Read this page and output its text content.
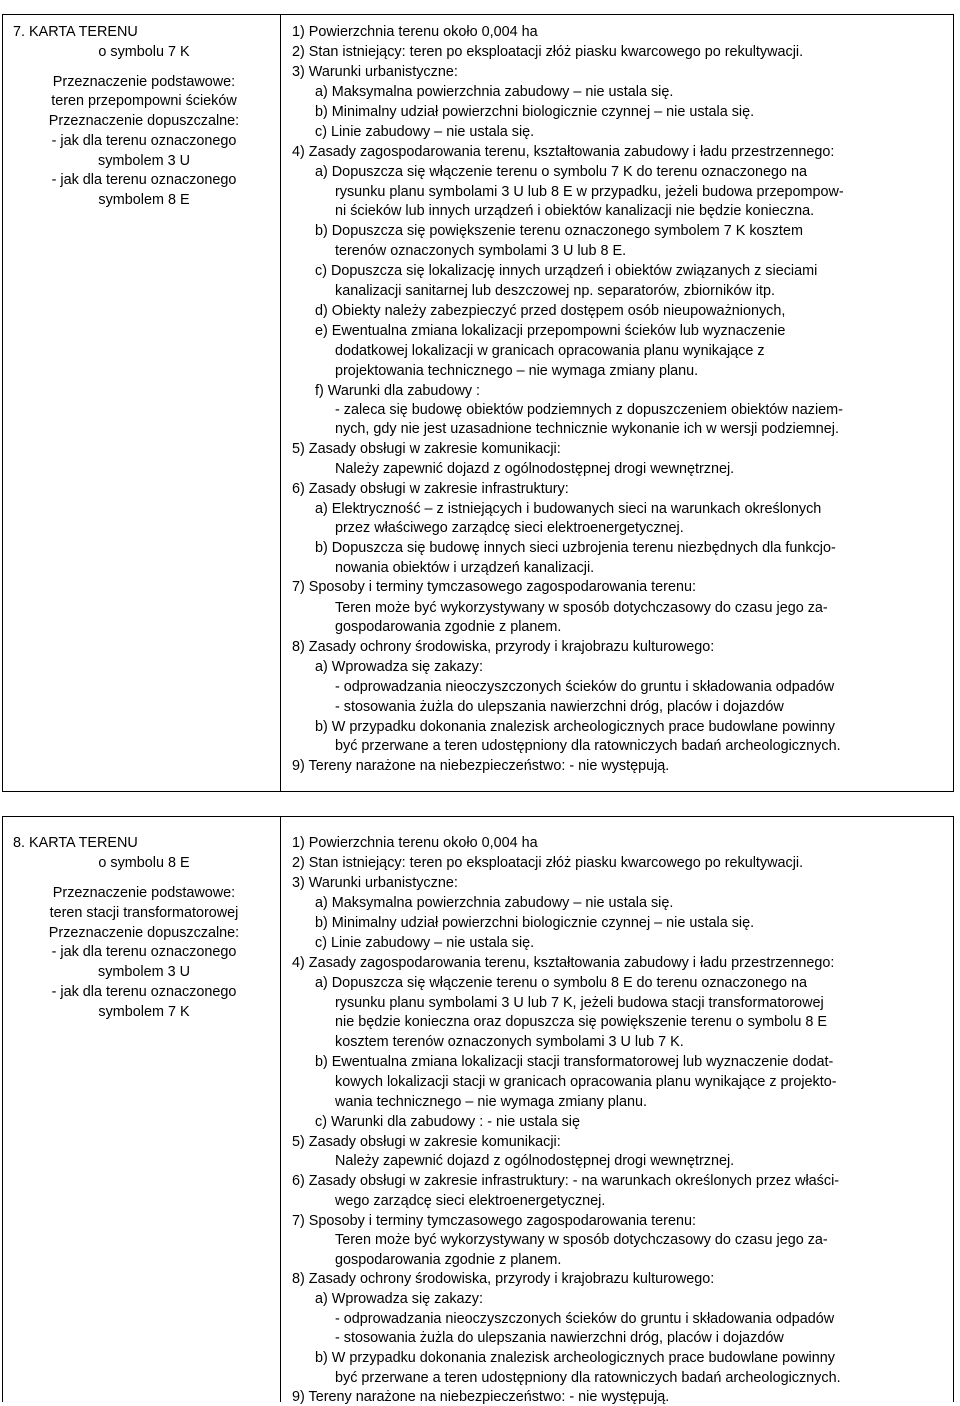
7. KARTA TERENU
o symbolu 7 K
Przeznaczenie podstawowe:
teren przepompowni ścieków
Przeznaczenie dopuszczalne:
- jak dla terenu oznaczonego
symbolem 3 U
- jak dla terenu oznaczonego
symbolem 8 E
1) Powierzchnia terenu około 0,004 ha
2) Stan istniejący: teren po eksploatacji złóż piasku kwarcowego po rekultywacji.
3) Warunki urbanistyczne:
a) Maksymalna powierzchnia zabudowy – nie ustala się.
b) Minimalny udział powierzchni biologicznie czynnej – nie ustala się.
c) Linie zabudowy – nie ustala się.
4) Zasady zagospodarowania terenu, kształtowania zabudowy i ładu przestrzennego:
a) Dopuszcza się włączenie terenu o symbolu 7 K do terenu oznaczonego na
rysunku planu symbolami 3 U lub 8 E w przypadku, jeżeli budowa przepompow-
ni ścieków lub innych urządzeń i obiektów kanalizacji nie będzie konieczna.
b) Dopuszcza się powiększenie terenu oznaczonego symbolem 7 K kosztem
terenów oznaczonych symbolami 3 U lub 8 E.
c) Dopuszcza się lokalizację innych urządzeń i obiektów związanych z sieciami
kanalizacji sanitarnej lub deszczowej np. separatorów, zbiorników itp.
d) Obiekty należy zabezpieczyć przed dostępem osób nieupoważnionych,
e) Ewentualna zmiana lokalizacji przepompowni ścieków lub wyznaczenie
dodatkowej lokalizacji w granicach opracowania planu wynikające z
projektowania technicznego – nie wymaga zmiany planu.
f) Warunki dla zabudowy :
- zaleca się budowę obiektów podziemnych z dopuszczeniem obiektów naziem-
nych, gdy nie jest uzasadnione technicznie wykonanie ich w wersji podziemnej.
5) Zasady obsługi w zakresie komunikacji:
Należy zapewnić dojazd z ogólnodostępnej drogi wewnętrznej.
6) Zasady obsługi w zakresie infrastruktury:
a) Elektryczność – z istniejących i budowanych sieci na warunkach określonych
przez właściwego zarządcę sieci elektroenergetycznej.
b) Dopuszcza się budowę innych sieci uzbrojenia terenu niezbędnych dla funkcjo-
nowania obiektów i urządzeń kanalizacji.
7) Sposoby i terminy tymczasowego zagospodarowania terenu:
Teren może być wykorzystywany w sposób dotychczasowy do czasu jego za-
gospodarowania zgodnie z planem.
8) Zasady ochrony środowiska, przyrody i krajobrazu kulturowego:
a) Wprowadza się zakazy:
- odprowadzania nieoczyszczonych ścieków do gruntu i składowania odpadów
- stosowania żużla do ulepszania nawierzchni dróg, placów i dojazdów
b) W przypadku dokonania znalezisk archeologicznych prace budowlane powinny
być przerwane a teren udostępniony dla ratowniczych badań archeologicznych.
9) Tereny narażone na niebezpieczeństwo: - nie występują.
8. KARTA TERENU
o symbolu 8 E
Przeznaczenie podstawowe:
teren stacji transformatorowej
Przeznaczenie dopuszczalne:
- jak dla terenu oznaczonego
symbolem 3 U
- jak dla terenu oznaczonego
symbolem 7 K
1) Powierzchnia terenu około 0,004 ha
2) Stan istniejący: teren po eksploatacji złóż piasku kwarcowego po rekultywacji.
3) Warunki urbanistyczne:
a) Maksymalna powierzchnia zabudowy – nie ustala się.
b) Minimalny udział powierzchni biologicznie czynnej – nie ustala się.
c) Linie zabudowy – nie ustala się.
4) Zasady zagospodarowania terenu, kształtowania zabudowy i ładu przestrzennego:
a) Dopuszcza się włączenie terenu o symbolu 8 E do terenu oznaczonego na
rysunku planu symbolami 3 U lub 7 K, jeżeli budowa stacji transformatorowej
nie będzie konieczna oraz dopuszcza się powiększenie terenu o symbolu 8 E
kosztem terenów oznaczonych symbolami 3 U lub 7 K.
b) Ewentualna zmiana lokalizacji stacji transformatorowej lub wyznaczenie dodat-
kowych lokalizacji stacji w granicach opracowania planu wynikające z projekto-
wania technicznego – nie wymaga zmiany planu.
c) Warunki dla zabudowy : - nie ustala się
5) Zasady obsługi w zakresie komunikacji:
Należy zapewnić dojazd z ogólnodostępnej drogi wewnętrznej.
6) Zasady obsługi w zakresie infrastruktury: - na warunkach określonych przez właści-
wego zarządcę sieci elektroenergetycznej.
7) Sposoby i terminy tymczasowego zagospodarowania terenu:
Teren może być wykorzystywany w sposób dotychczasowy do czasu jego za-
gospodarowania zgodnie z planem.
8) Zasady ochrony środowiska, przyrody i krajobrazu kulturowego:
a) Wprowadza się zakazy:
- odprowadzania nieoczyszczonych ścieków do gruntu i składowania odpadów
- stosowania żużla do ulepszania nawierzchni dróg, placów i dojazdów
b) W przypadku dokonania znalezisk archeologicznych prace budowlane powinny
być przerwane a teren udostępniony dla ratowniczych badań archeologicznych.
9) Tereny narażone na niebezpieczeństwo: - nie występują.
